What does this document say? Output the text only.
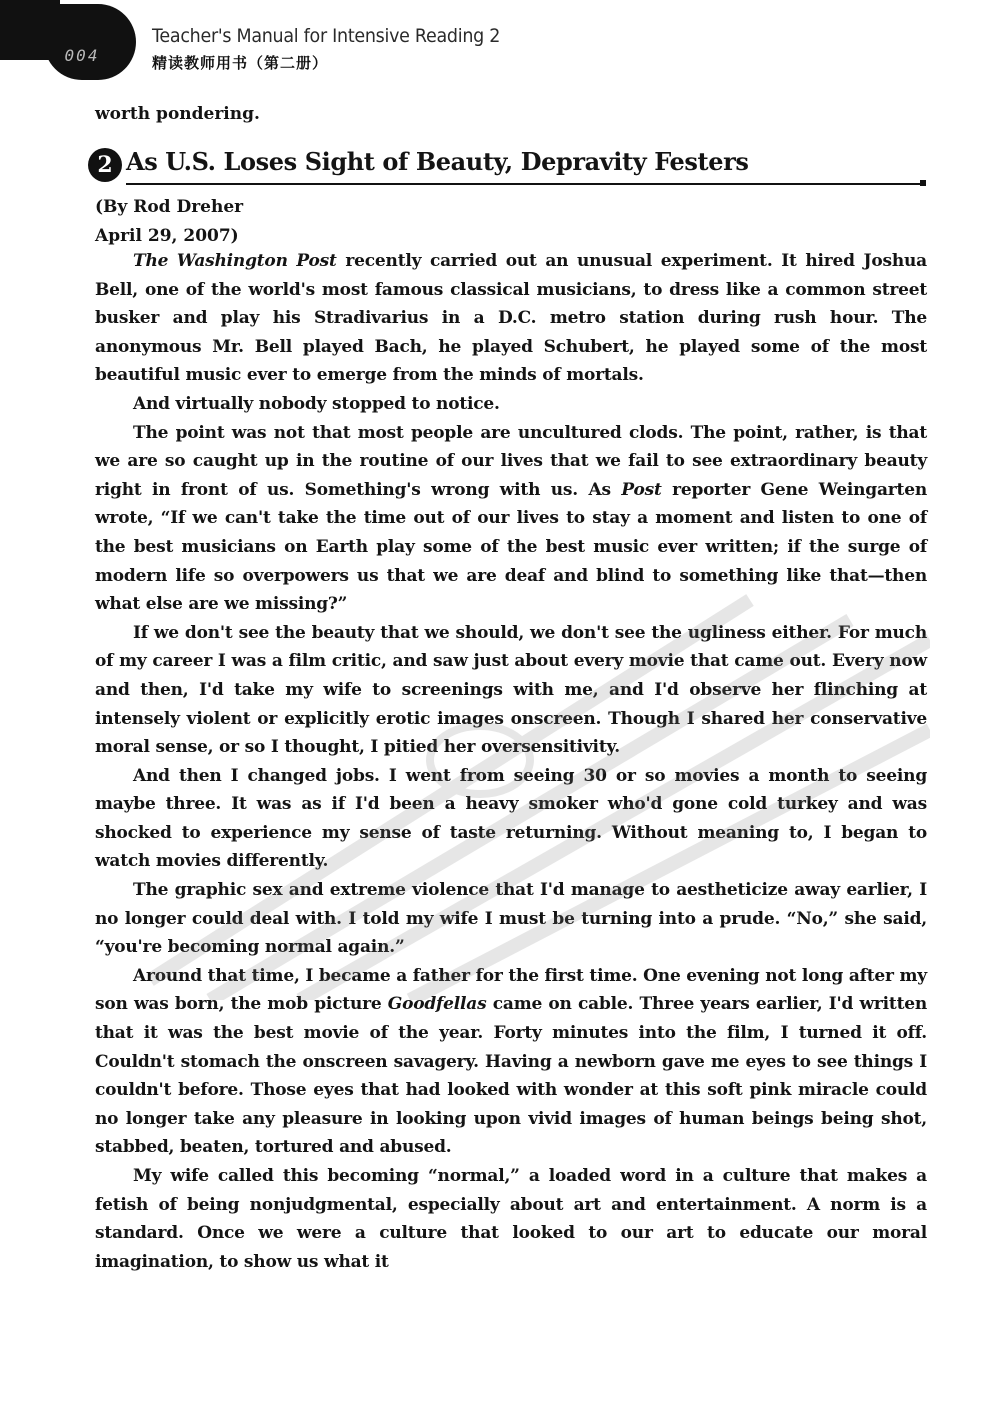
004
Teacher's Manual for Intensive Reading 2
精读教师用书（第二册）

worth pondering.

2 As U.S. Loses Sight of Beauty, Depravity Festers

(By Rod Dreher
April 29, 2007)

The Washington Post recently carried out an unusual experiment. It hired Joshua Bell, one of the world's most famous classical musicians, to dress like a common street busker and play his Stradivarius in a D.C. metro station during rush hour. The anonymous Mr. Bell played Bach, he played Schubert, he played some of the most beautiful music ever to emerge from the minds of mortals.

And virtually nobody stopped to notice.

The point was not that most people are uncultured clods. The point, rather, is that we are so caught up in the routine of our lives that we fail to see extraordinary beauty right in front of us. Something's wrong with us. As Post reporter Gene Weingarten wrote, “If we can't take the time out of our lives to stay a moment and listen to one of the best musicians on Earth play some of the best music ever written; if the surge of modern life so overpowers us that we are deaf and blind to something like that—then what else are we missing?”

If we don't see the beauty that we should, we don't see the ugliness either. For much of my career I was a film critic, and saw just about every movie that came out. Every now and then, I'd take my wife to screenings with me, and I'd observe her flinching at intensely violent or explicitly erotic images onscreen. Though I shared her conservative moral sense, or so I thought, I pitied her oversensitivity.

And then I changed jobs. I went from seeing 30 or so movies a month to seeing maybe three. It was as if I'd been a heavy smoker who'd gone cold turkey and was shocked to experience my sense of taste returning. Without meaning to, I began to watch movies differently.

The graphic sex and extreme violence that I'd manage to aestheticize away earlier, I no longer could deal with. I told my wife I must be turning into a prude. “No,” she said, “you're becoming normal again.”

Around that time, I became a father for the first time. One evening not long after my son was born, the mob picture Goodfellas came on cable. Three years earlier, I'd written that it was the best movie of the year. Forty minutes into the film, I turned it off. Couldn't stomach the onscreen savagery. Having a newborn gave me eyes to see things I couldn't before. Those eyes that had looked with wonder at this soft pink miracle could no longer take any pleasure in looking upon vivid images of human beings being shot, stabbed, beaten, tortured and abused.

My wife called this becoming “normal,” a loaded word in a culture that makes a fetish of being nonjudgmental, especially about art and entertainment. A norm is a standard. Once we were a culture that looked to our art to educate our moral imagination, to show us what it
